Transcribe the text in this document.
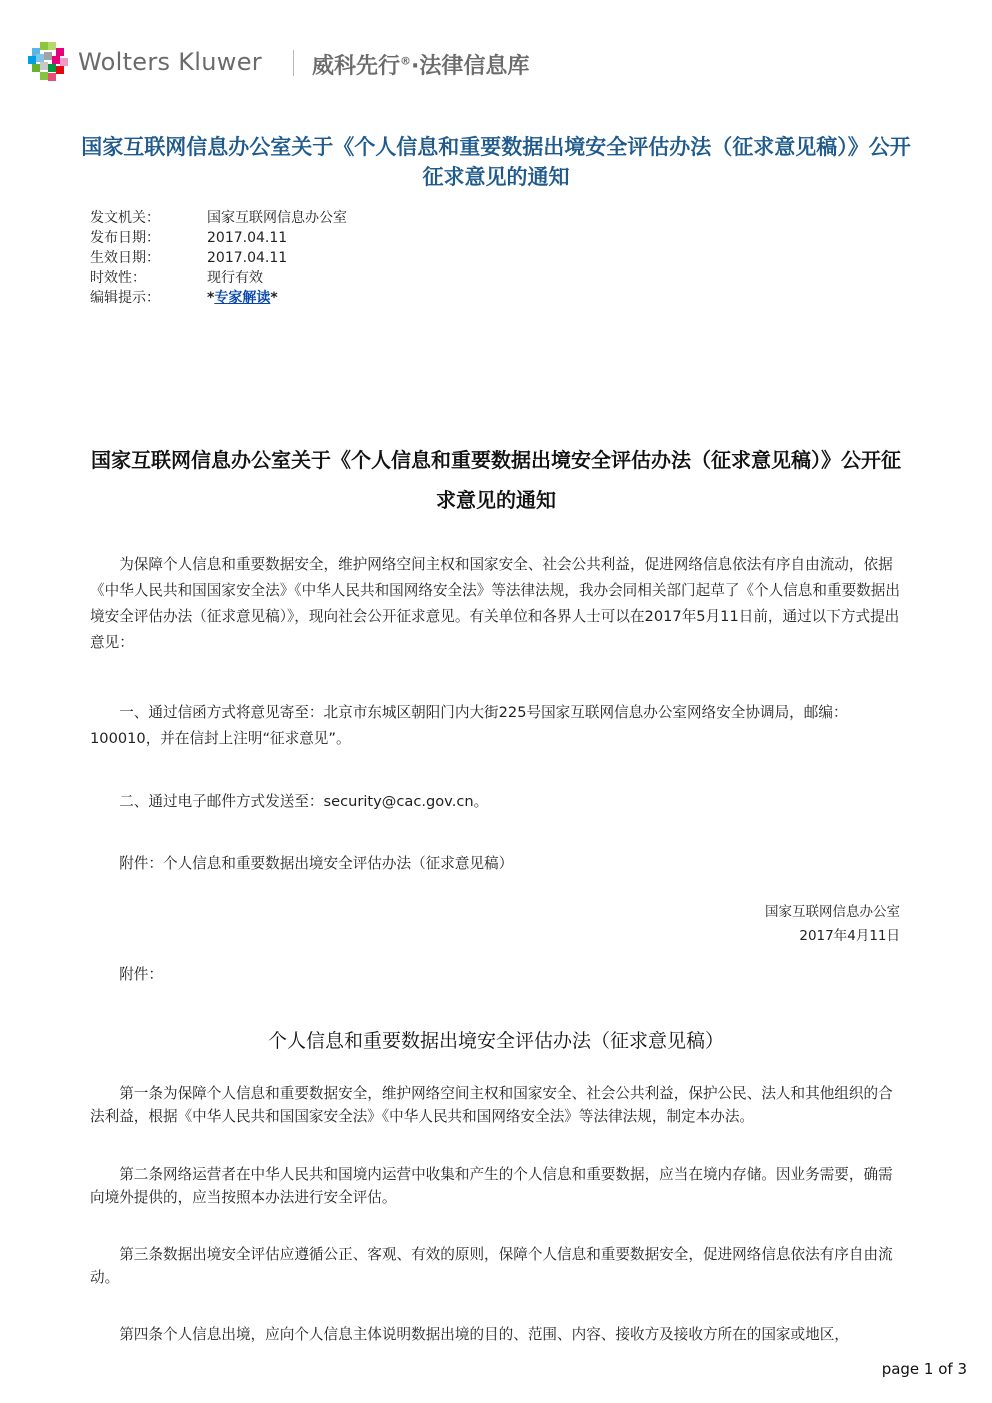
Wolters Kluwer 威科先行®·法律信息库
国家互联网信息办公室关于《个人信息和重要数据出境安全评估办法（征求意见稿）》公开征求意见的通知
发文机关：	国家互联网信息办公室
发布日期：	2017.04.11
生效日期：	2017.04.11
时效性：	现行有效
编辑提示：	*专家解读*
国家互联网信息办公室关于《个人信息和重要数据出境安全评估办法（征求意见稿）》公开征求意见的通知
为保障个人信息和重要数据安全，维护网络空间主权和国家安全、社会公共利益，促进网络信息依法有序自由流动，依据《中华人民共和国国家安全法》《中华人民共和国网络安全法》等法律法规，我办会同相关部门起草了《个人信息和重要数据出境安全评估办法（征求意见稿）》，现向社会公开征求意见。有关单位和各界人士可以在2017年5月11日前，通过以下方式提出意见：
一、通过信函方式将意见寄至：北京市东城区朝阳门内大街225号国家互联网信息办公室网络安全协调局，邮编：100010，并在信封上注明“征求意见”。
二、通过电子邮件方式发送至：security@cac.gov.cn。
附件：个人信息和重要数据出境安全评估办法（征求意见稿）
国家互联网信息办公室
2017年4月11日
附件：
个人信息和重要数据出境安全评估办法（征求意见稿）
第一条为保障个人信息和重要数据安全，维护网络空间主权和国家安全、社会公共利益，保护公民、法人和其他组织的合法利益，根据《中华人民共和国国家安全法》《中华人民共和国网络安全法》等法律法规，制定本办法。
第二条网络运营者在中华人民共和国境内运营中收集和产生的个人信息和重要数据，应当在境内存储。因业务需要，确需向境外提供的，应当按照本办法进行安全评估。
第三条数据出境安全评估应遵循公正、客观、有效的原则，保障个人信息和重要数据安全，促进网络信息依法有序自由流动。
第四条个人信息出境，应向个人信息主体说明数据出境的目的、范围、内容、接收方及接收方所在的国家或地区，
page 1 of 3
